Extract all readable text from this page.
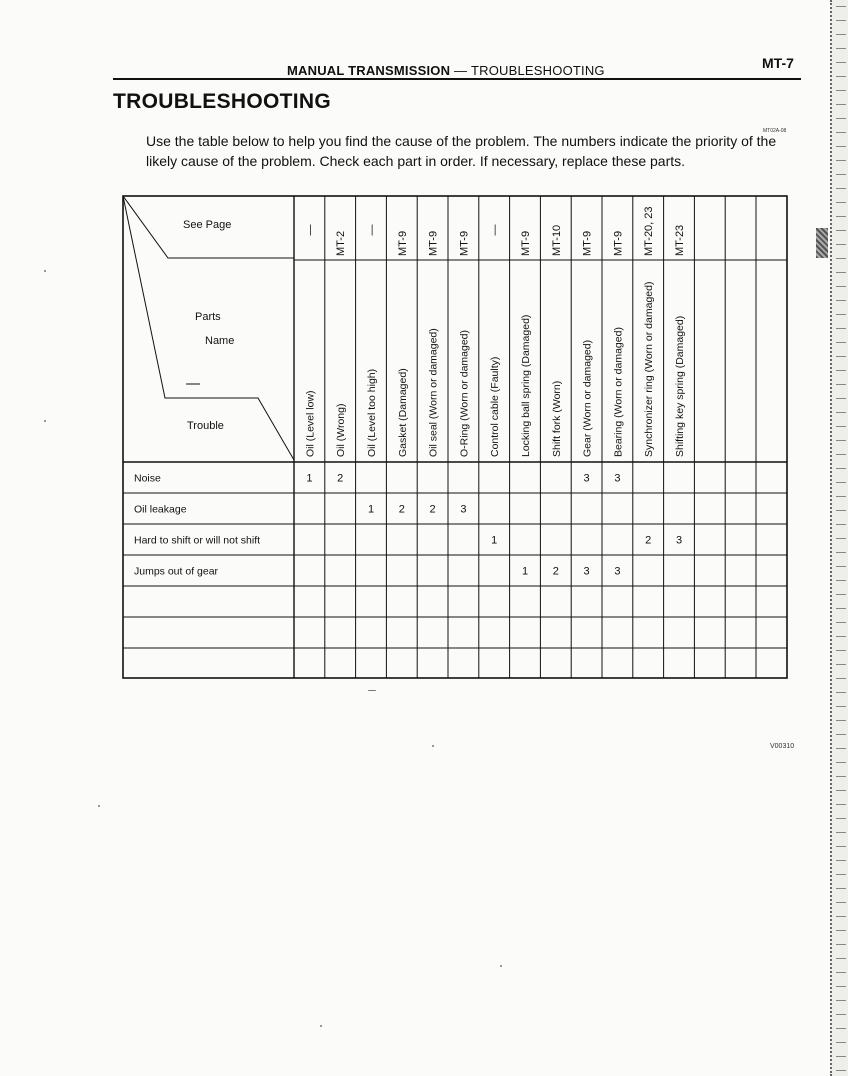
MT-7
MANUAL TRANSMISSION — TROUBLESHOOTING
TROUBLESHOOTING
MT02A-08
Use the table below to help you find the cause of the problem. The numbers indicate the priority of the likely cause of the problem. Check each part in order. If necessary, replace these parts.
See Page
Parts
Name
Trouble
—
Oil (Level low)
MT-2
Oil (Wrong)
—
Oil (Level too high)
MT-9
Gasket (Damaged)
MT-9
Oil seal (Worn or damaged)
MT-9
O-Ring (Worn or damaged)
—
Control cable (Faulty)
MT-9
Locking ball spring (Damaged)
MT-10
Shift fork (Worn)
MT-9
Gear (Worn or damaged)
MT-9
Bearing (Worn or damaged)
MT-20, 23
Synchronizer ring (Worn or damaged)
MT-23
Shifting key spring (Damaged)
Noise
Oil leakage
Hard to shift or will not shift
Jumps out of gear
1 2	3 3
1 2 2 3
1	2 3
1 2 3 3
V00310
